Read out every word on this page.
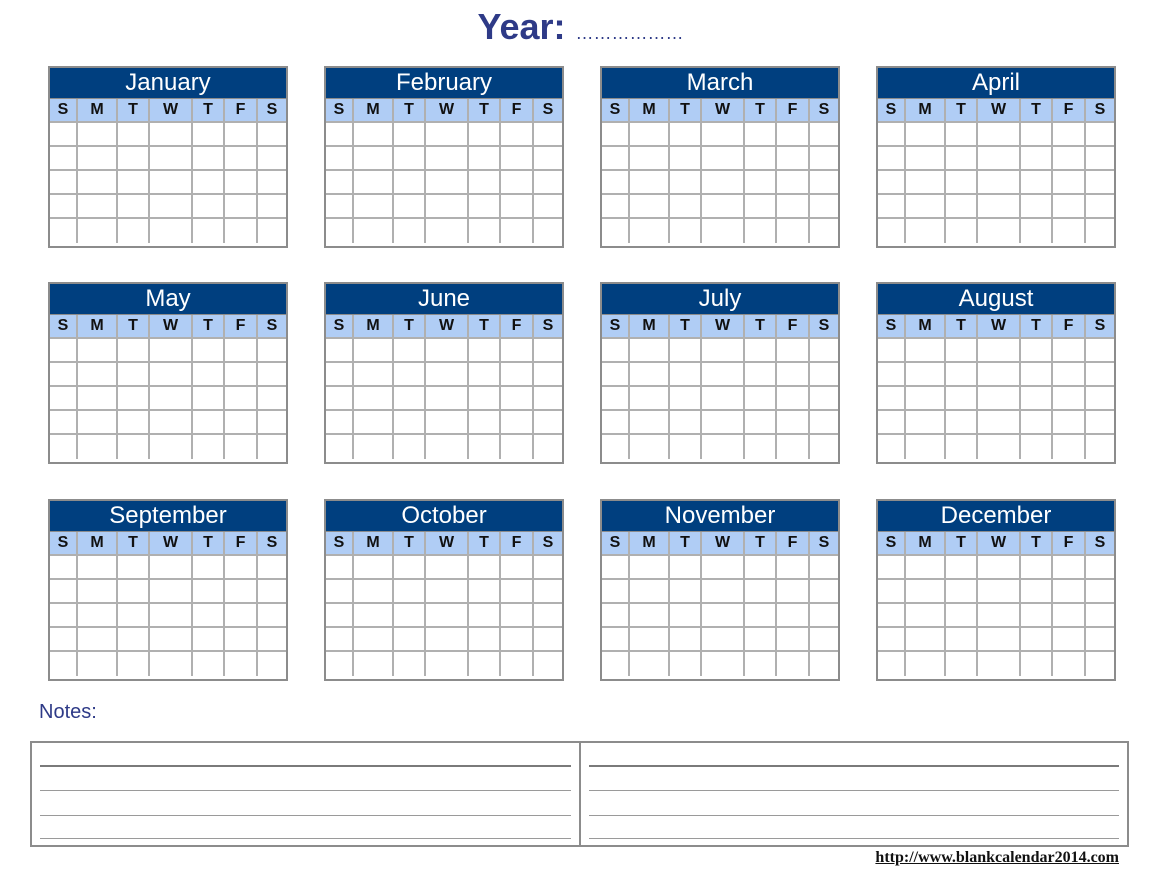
Year: ………………
January
S	M	T	W	T	F	S
February
S	M	T	W	T	F	S
March
S	M	T	W	T	F	S
April
S	M	T	W	T	F	S
May
S	M	T	W	T	F	S
June
S	M	T	W	T	F	S
July
S	M	T	W	T	F	S
August
S	M	T	W	T	F	S
September
S	M	T	W	T	F	S
October
S	M	T	W	T	F	S
November
S	M	T	W	T	F	S
December
S	M	T	W	T	F	S
Notes:
http://www.blankcalendar2014.com
